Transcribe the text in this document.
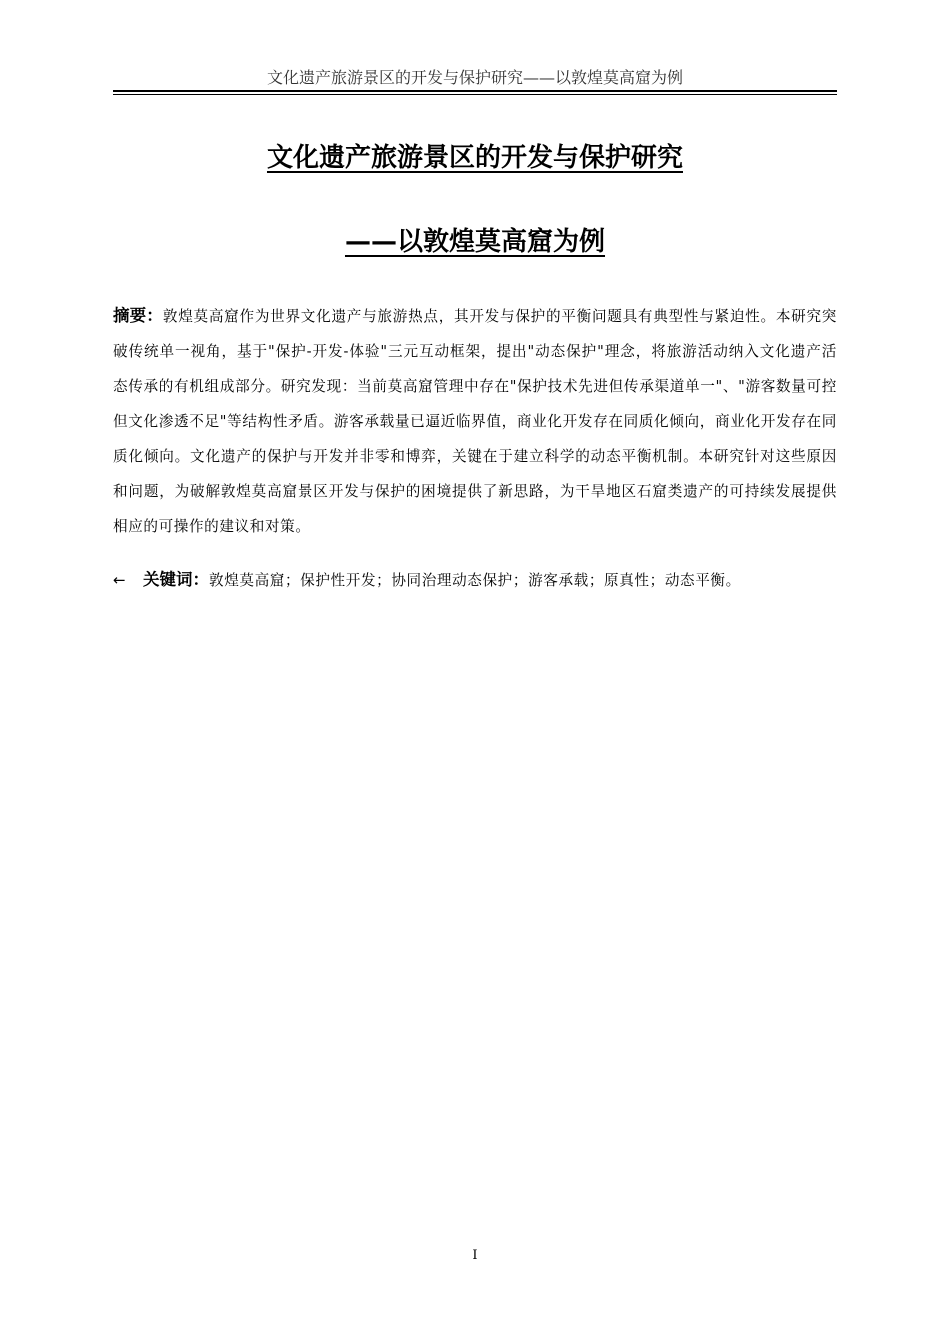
文化遗产旅游景区的开发与保护研究——以敦煌莫高窟为例
文化遗产旅游景区的开发与保护研究
——以敦煌莫高窟为例

摘要：敦煌莫高窟作为世界文化遗产与旅游热点，其开发与保护的平衡问题具有典型性与紧迫性。本研究突破传统单一视角，基于"保护-开发-体验"三元互动框架，提出"动态保护"理念，将旅游活动纳入文化遗产活态传承的有机组成部分。研究发现：当前莫高窟管理中存在"保护技术先进但传承渠道单一"、"游客数量可控但文化渗透不足"等结构性矛盾。游客承载量已逼近临界值，商业化开发存在同质化倾向，商业化开发存在同质化倾向。文化遗产的保护与开发并非零和博弈，关键在于建立科学的动态平衡机制。本研究针对这些原因和问题，为破解敦煌莫高窟景区开发与保护的困境提供了新思路，为干旱地区石窟类遗产的可持续发展提供相应的可操作的建议和对策。

← 关键词：敦煌莫高窟；保护性开发；协同治理动态保护；游客承载；原真性；动态平衡。

I
